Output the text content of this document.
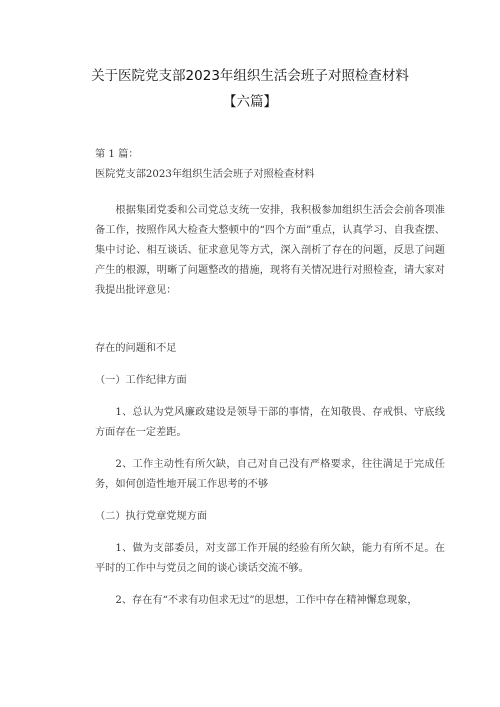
关于医院党支部2023年组织生活会班子对照检查材料
【六篇】

第 1 篇：

医院党支部2023年组织生活会班子对照检查材料

根据集团党委和公司党总支统一安排，我积极参加组织生活会会前各项准备工作，按照作风大检查大整顿中的“四个方面”重点，认真学习、自我查摆、集中讨论、相互谈话、征求意见等方式，深入剖析了存在的问题，反思了问题产生的根源，明晰了问题整改的措施，现将有关情况进行对照检查，请大家对我提出批评意见：

存在的问题和不足

（一）工作纪律方面

1、总认为党风廉政建设是领导干部的事情，在知敬畏、存戒惧、守底线方面存在一定差距。

2、工作主动性有所欠缺，自己对自己没有严格要求，往往满足于完成任务，如何创造性地开展工作思考的不够

（二）执行党章党规方面

1、做为支部委员，对支部工作开展的经验有所欠缺，能力有所不足。在平时的工作中与党员之间的谈心谈话交流不够。

2、存在有“不求有功但求无过”的思想，工作中存在精神懈怠现象，
